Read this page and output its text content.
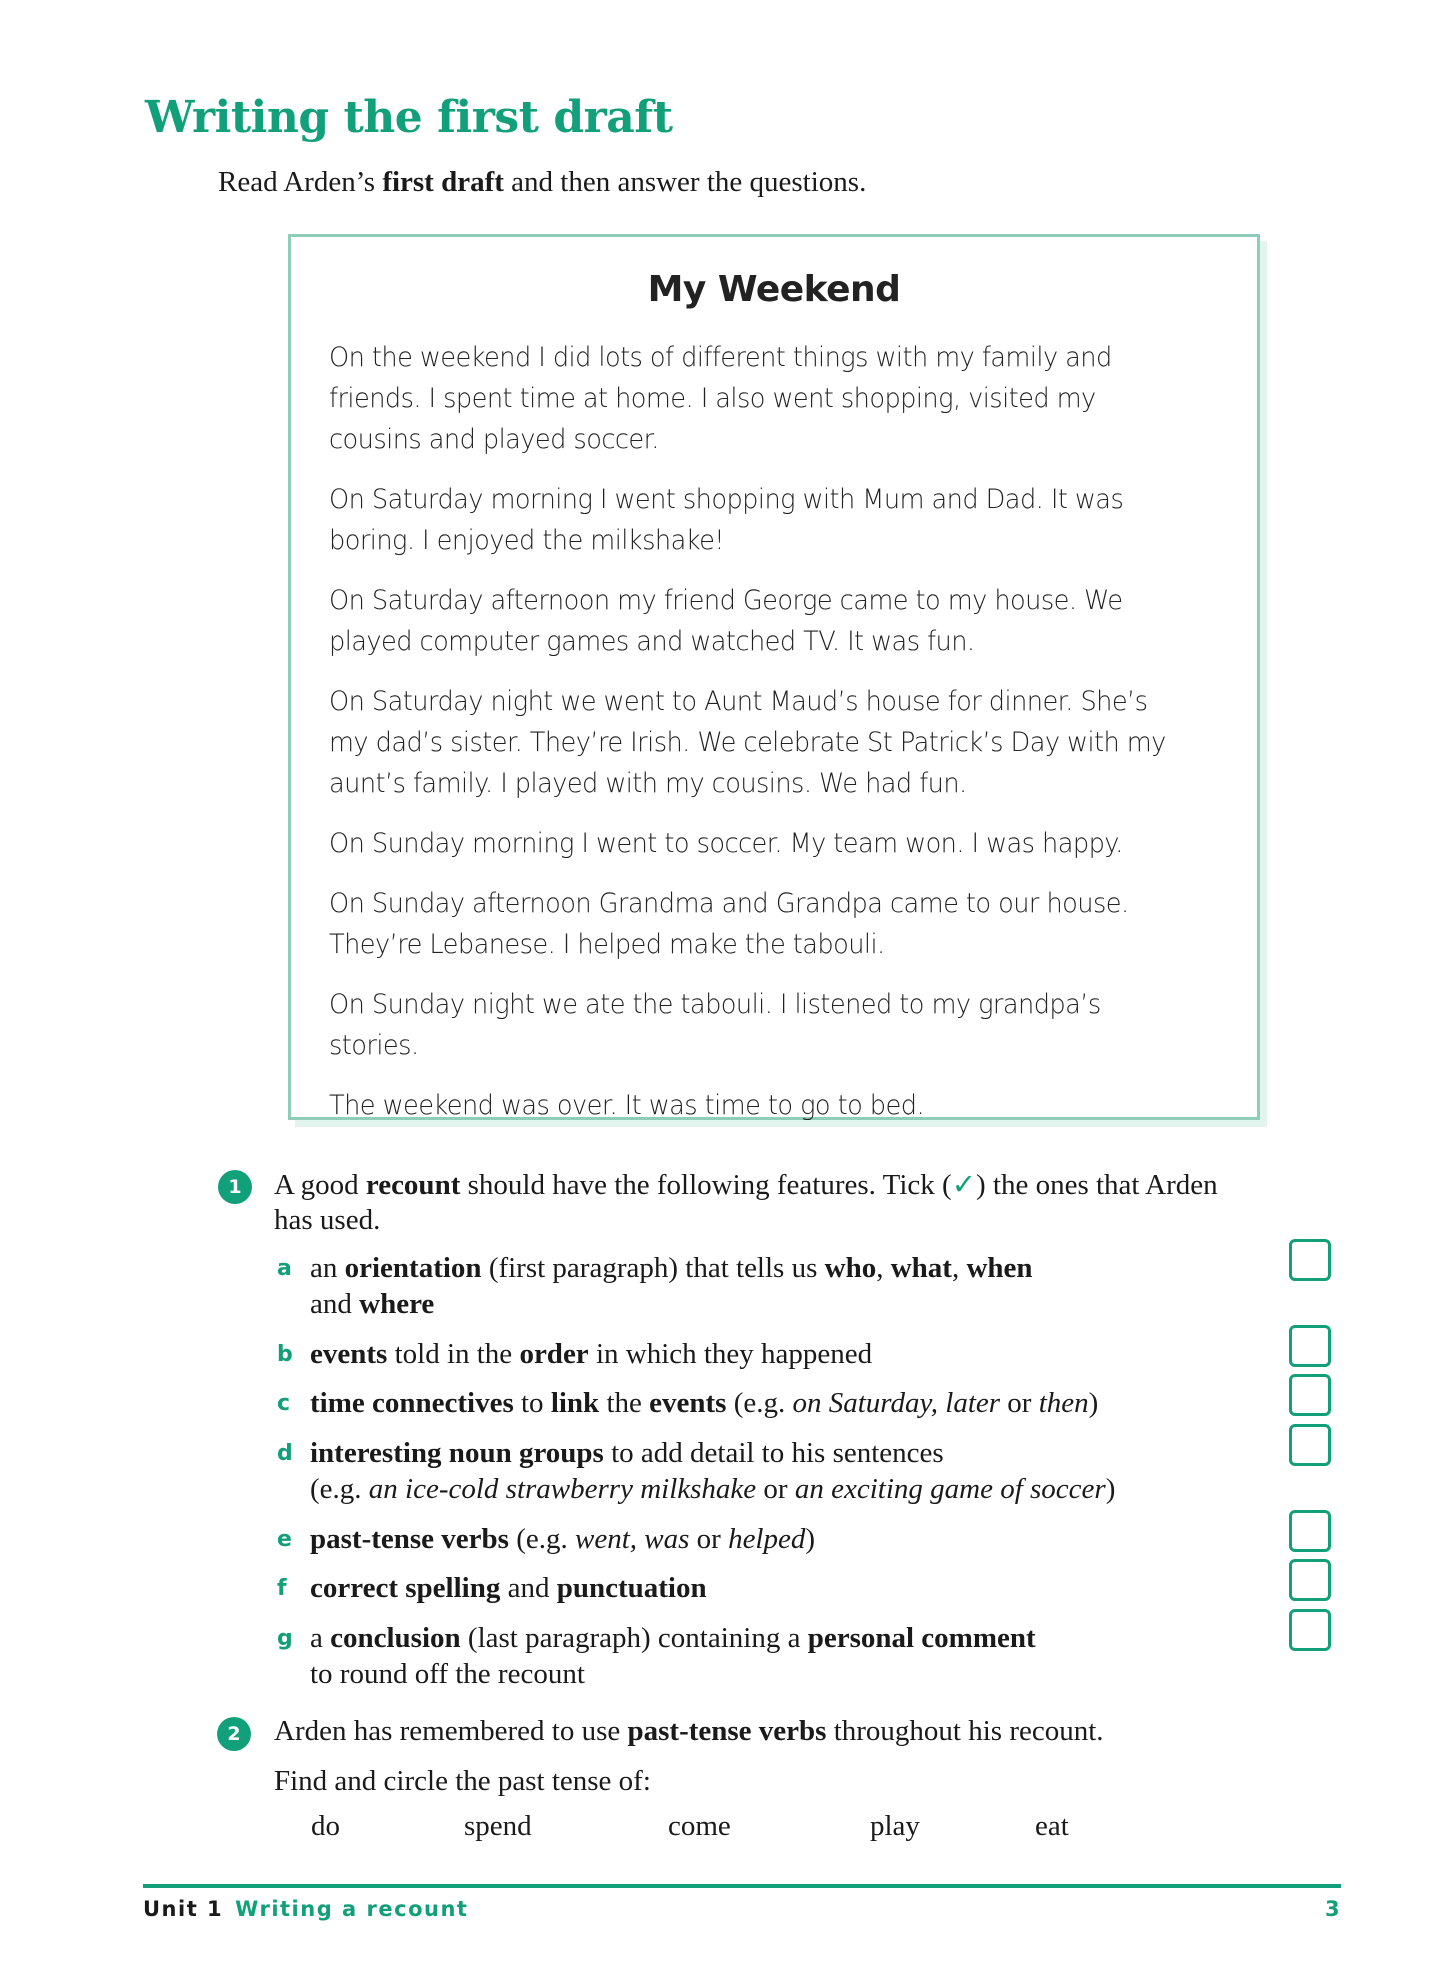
Writing the first draft
Read Arden’s first draft and then answer the questions.
My Weekend

On the weekend I did lots of different things with my family and friends. I spent time at home. I also went shopping, visited my cousins and played soccer.

On Saturday morning I went shopping with Mum and Dad. It was boring. I enjoyed the milkshake!

On Saturday afternoon my friend George came to my house. We played computer games and watched TV. It was fun.

On Saturday night we went to Aunt Maud’s house for dinner. She’s my dad’s sister. They’re Irish. We celebrate St Patrick’s Day with my aunt’s family. I played with my cousins. We had fun.

On Sunday morning I went to soccer. My team won. I was happy.

On Sunday afternoon Grandma and Grandpa came to our house. They’re Lebanese. I helped make the tabouli.

On Sunday night we ate the tabouli. I listened to my grandpa’s stories.

The weekend was over. It was time to go to bed.

1	A good recount should have the following features. Tick (✓) the ones that Arden
has used.
a an orientation (first paragraph) that tells us who, what, when
and where
b events told in the order in which they happened
c time connectives to link the events (e.g. on Saturday, later or then)
d interesting noun groups to add detail to his sentences
(e.g. an ice-cold strawberry milkshake or an exciting game of soccer)
e past-tense verbs (e.g. went, was or helped)
f correct spelling and punctuation
g a conclusion (last paragraph) containing a personal comment
to round off the recount
2	Arden has remembered to use past-tense verbs throughout his recount.
Find and circle the past tense of:
do	spend	come	play	eat
Unit 1 Writing a recount	3
